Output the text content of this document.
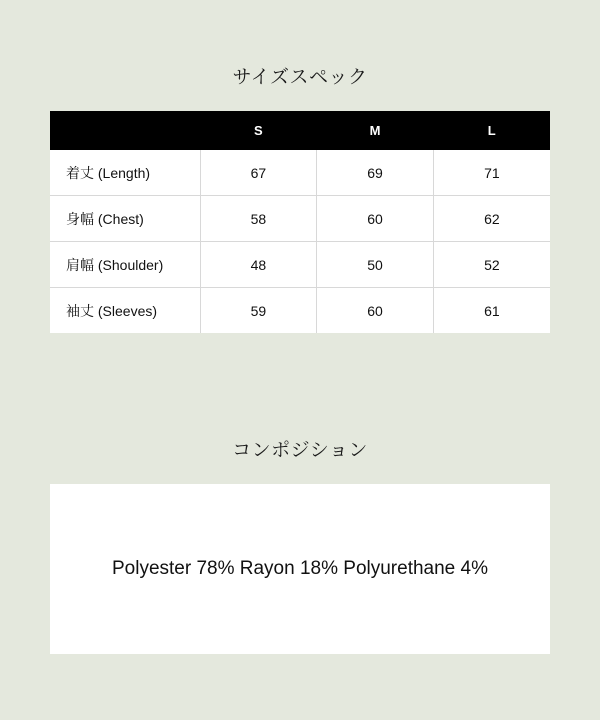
サイズスペック
	S	M	L
着丈 (Length)	67	69	71
身幅 (Chest)	58	60	62
肩幅 (Shoulder)	48	50	52
袖丈 (Sleeves)	59	60	61
コンポジション
Polyester 78% Rayon 18% Polyurethane 4%
